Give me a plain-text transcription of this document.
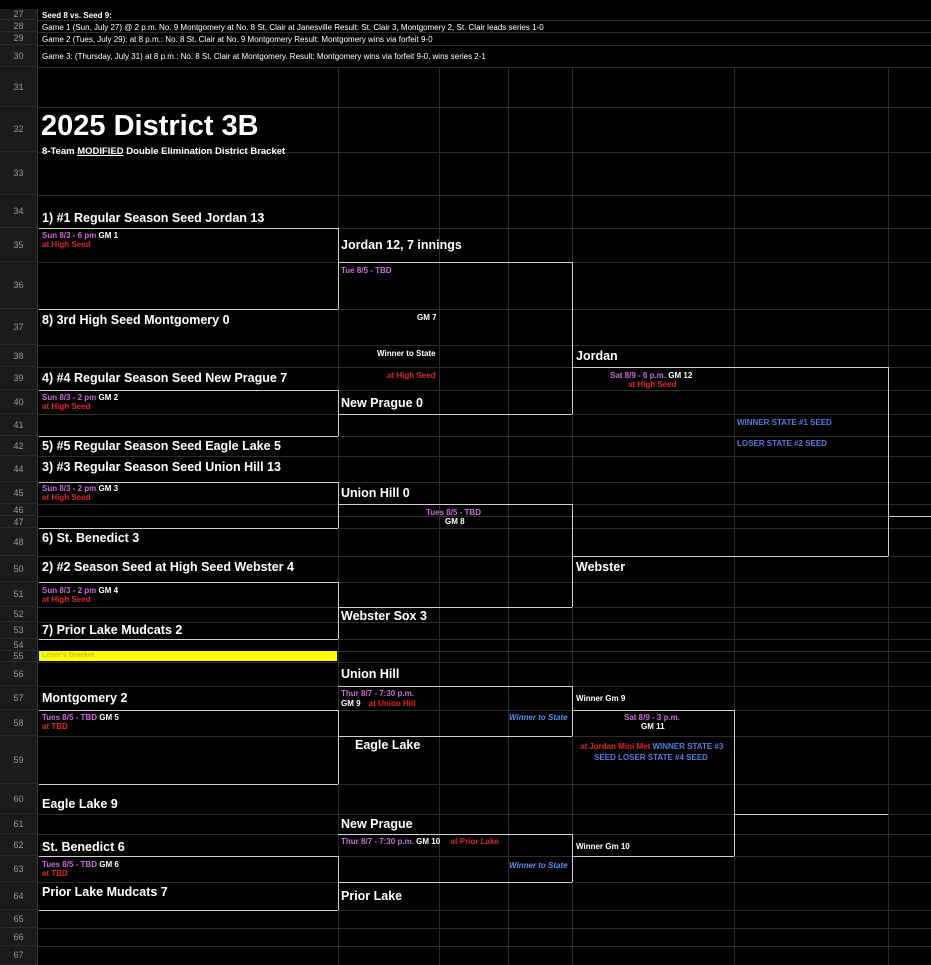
27
28
29
30
31
32
33
34
35
36
37
38
39
40
41
42
44
45
46
47
48
50
51
52
53
54
55
56
57
58
59
60
61
62
63
64
65
66
67
Seed 8 vs. Seed 9:
Game 1 (Sun, July 27) @ 2 p.m. No. 9 Montgomery at No. 8 St. Clair at Janesville Result: St. Clair 3, Montgomery 2, St. Clair leads series 1-0
Game 2 (Tues, July 29): at 8 p.m.: No. 8 St. Clair at No. 9 Montgomery Result: Montgomery wins via forfeit 9-0
Game 3: (Thursday, July 31) at 8 p.m.: No. 8 St. Clair at Montgomery. Result: Montgomery wins via forfeit 9-0, wins series 2-1
2025 District 3B
8-Team MODIFIED Double Elimination District Bracket
1) #1 Regular Season Seed Jordan 13
Sun 8/3 - 6 pm GM 1
at High Seed
8) 3rd High Seed Montgomery 0
4) #4 Regular Season Seed New Prague 7
Sun 8/3 - 2 pm GM 2
at High Seed
5) #5 Regular Season Seed Eagle Lake 5
3) #3 Regular Season Seed Union Hill 13
Sun 8/3 - 2 pm GM 3
at High Seed
6) St. Benedict 3
2) #2 Season Seed at High Seed Webster 4
Sun 8/3 - 2 pm GM 4
at High Seed
7) Prior Lake Mudcats 2
Jordan 12, 7 innings
Tue 8/5 - TBD
GM 7
Winner to State
at High Seed
New Prague 0
Union Hill 0
Tues 8/5 - TBD
GM 8
Webster Sox 3
Jordan
Sat 8/9 - 6 p.m. GM 12
at High Seed
WINNER STATE #1 SEED
LOSER STATE #2 SEED
Webster
Loser's Bracket
Union Hill
Montgomery 2	Thur 8/7 - 7:30 p.m.
GM 9 at Union Hill
Winner Gm 9
Tues 8/5 - TBD GM 5
at TBD
Winner to State	Sat 8/9 - 3 p.m.
GM 11
Eagle Lake	at Jordan Mini Met WINNER STATE #3
SEED LOSER STATE #4 SEED
Eagle Lake 9
New Prague
St. Benedict 6	Thur 8/7 - 7:30 p.m. GM 10 at Prior Lake
Winner Gm 10
Tues 8/5 - TBD GM 6
at TBD
Winner to State
Prior Lake Mudcats 7	Prior Lake
